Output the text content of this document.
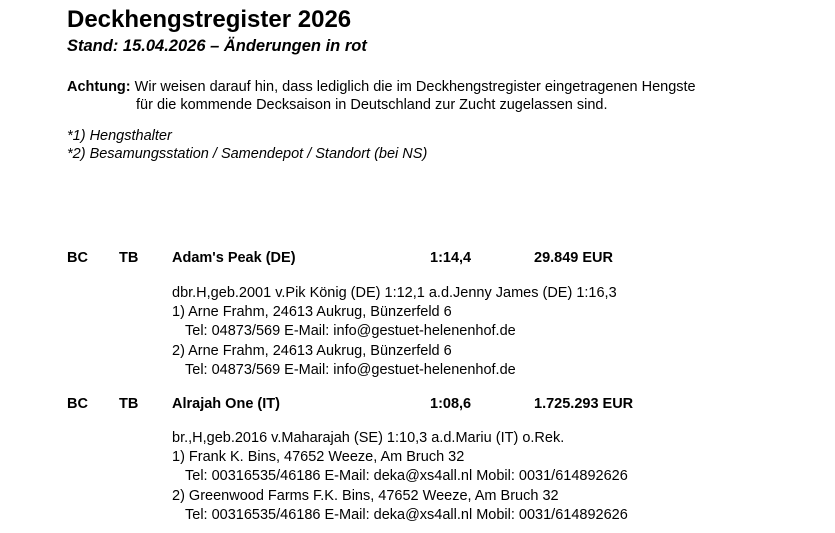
Deckhengstregister 2026
Stand: 15.04.2026 – Änderungen in rot
Achtung: Wir weisen darauf hin, dass lediglich die im Deckhengstregister eingetragenen Hengste
für die kommende Decksaison in Deutschland zur Zucht zugelassen sind.
*1) Hengsthalter
*2) Besamungsstation / Samendepot / Standort (bei NS)
BC TB Adam's Peak (DE)	1:14,4	29.849 EUR
dbr.H,geb.2001 v.Pik König (DE) 1:12,1 a.d.Jenny James (DE) 1:16,3
1) Arne Frahm, 24613 Aukrug, Bünzerfeld 6
Tel: 04873/569 E-Mail: info@gestuet-helenenhof.de
2) Arne Frahm, 24613 Aukrug, Bünzerfeld 6
Tel: 04873/569 E-Mail: info@gestuet-helenenhof.de
BC TB Alrajah One (IT)	1:08,6	1.725.293 EUR
br.,H,geb.2016 v.Maharajah (SE) 1:10,3 a.d.Mariu (IT) o.Rek.
1) Frank K. Bins, 47652 Weeze, Am Bruch 32
Tel: 00316535/46186 E-Mail: deka@xs4all.nl Mobil: 0031/614892626
2) Greenwood Farms F.K. Bins, 47652 Weeze, Am Bruch 32
Tel: 00316535/46186 E-Mail: deka@xs4all.nl Mobil: 0031/614892626
